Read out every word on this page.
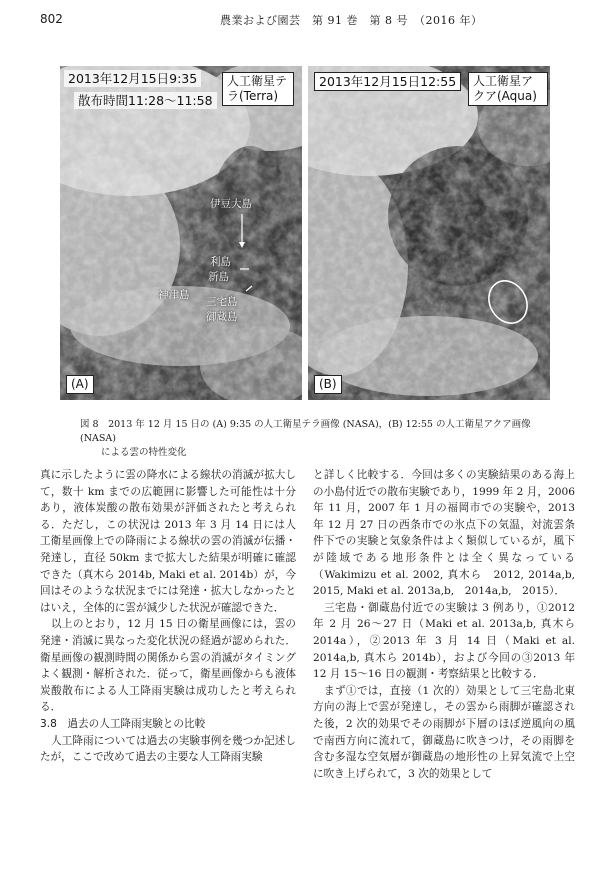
802	農業および園芸　第 91 巻　第 8 号　（2016 年）
2013年12月15日9:35
散布時間11:28〜11:58
人工衛星テラ(Terra)
伊豆大島
利島
新島
神津島
三宅島
御蔵島
(A)
2013年12月15日12:55	人工衛星アクア(Aqua)
(B)
図 8　2013 年 12 月 15 日の (A) 9:35 の人工衛星テラ画像 (NASA)，(B) 12:55 の人工衛星アクア画像 (NASA)
による雲の特性変化

真に示したように雲の降水による線状の消滅が拡大して，数十 km までの広範囲に影響した可能性は十分あり，液体炭酸の散布効果が評価されたと考えられる．ただし，この状況は 2013 年 3 月 14 日には人工衛星画像上での降雨による線状の雲の消滅が伝播・発達し，直径 50km まで拡大した結果が明確に確認できた（真木ら 2014b, Maki et al. 2014b）が，今回はそのような状況までには発達・拡大しなかったとはいえ，全体的に雲が減少した状況が確認できた．

以上のとおり，12 月 15 日の衛星画像には，雲の発達・消滅に異なった変化状況の経過が認められた．衛星画像の観測時間の関係から雲の消滅がタイミングよく観測・解析された．従って，衛星画像からも液体炭酸散布による人工降雨実験は成功したと考えられる．

3.8　過去の人工降雨実験との比較

人工降雨については過去の実験事例を幾つか記述したが，ここで改めて過去の主要な人工降雨実験

と詳しく比較する．今回は多くの実験結果のある海上の小島付近での散布実験であり，1999 年 2 月，2006 年 11 月，2007 年 1 月の福岡市での実験や，2013 年 12 月 27 日の西条市での氷点下の気温，対流雲条件下での実験と気象条件はよく類似しているが，風下が陸域である地形条件とは全く異なっている（Wakimizu et al. 2002, 真木ら　2012, 2014a,b, 2015, Maki et al. 2013a,b,　2014a,b,　2015）．

三宅島・御蔵島付近での実験は 3 例あり，①2012 年 2 月 26〜27 日（Maki et al. 2013a,b, 真木ら 2014a），②2013 年 3 月 14 日（Maki et al. 2014a,b, 真木ら 2014b），および今回の③2013 年 12 月 15〜16 日の観測・考察結果と比較する．

まず①では，直接（1 次的）効果として三宅島北東方向の海上で雲が発達し，その雲から雨脚が確認された後，2 次的効果でその雨脚が下層のほぼ逆風向の風で南西方向に流れて，御蔵島に吹きつけ，その雨脚を含む多湿な空気層が御蔵島の地形性の上昇気流で上空に吹き上げられて，3 次的効果として
